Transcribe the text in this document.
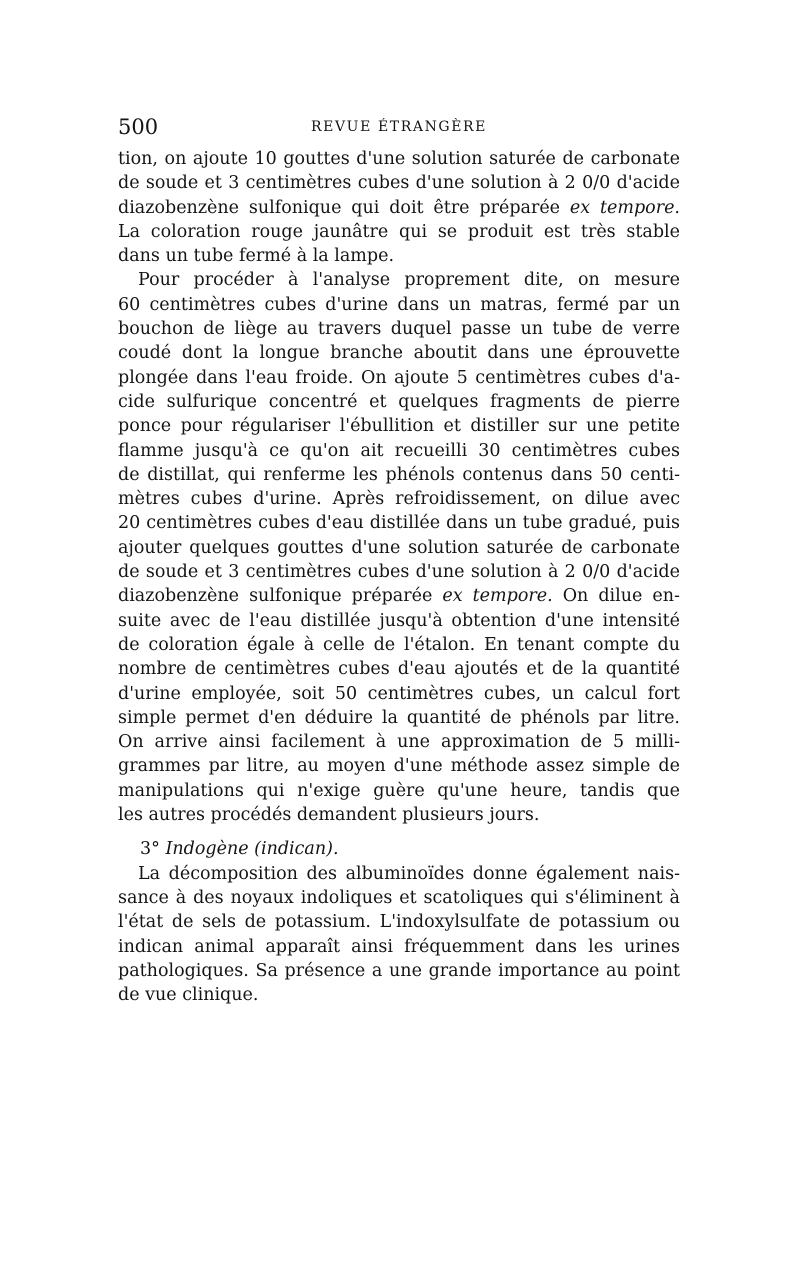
500	REVUE ÉTRANGÈRE
tion, on ajoute 10 gouttes d'une solution saturée de carbonate
de soude et 3 centimètres cubes d'une solution à 2 0/0 d'acide
diazobenzène sulfonique qui doit être préparée ex tempore.
La coloration rouge jaunâtre qui se produit est très stable
dans un tube fermé à la lampe.
Pour procéder à l'analyse proprement dite, on mesure
60 centimètres cubes d'urine dans un matras, fermé par un
bouchon de liège au travers duquel passe un tube de verre
coudé dont la longue branche aboutit dans une éprouvette
plongée dans l'eau froide. On ajoute 5 centimètres cubes d'a-
cide sulfurique concentré et quelques fragments de pierre
ponce pour régulariser l'ébullition et distiller sur une petite
flamme jusqu'à ce qu'on ait recueilli 30 centimètres cubes
de distillat, qui renferme les phénols contenus dans 50 centi-
mètres cubes d'urine. Après refroidissement, on dilue avec
20 centimètres cubes d'eau distillée dans un tube gradué, puis
ajouter quelques gouttes d'une solution saturée de carbonate
de soude et 3 centimètres cubes d'une solution à 2 0/0 d'acide
diazobenzène sulfonique préparée ex tempore. On dilue en-
suite avec de l'eau distillée jusqu'à obtention d'une intensité
de coloration égale à celle de l'étalon. En tenant compte du
nombre de centimètres cubes d'eau ajoutés et de la quantité
d'urine employée, soit 50 centimètres cubes, un calcul fort
simple permet d'en déduire la quantité de phénols par litre.
On arrive ainsi facilement à une approximation de 5 milli-
grammes par litre, au moyen d'une méthode assez simple de
manipulations qui n'exige guère qu'une heure, tandis que
les autres procédés demandent plusieurs jours.
3° Indogène (indican).
La décomposition des albuminoïdes donne également nais-
sance à des noyaux indoliques et scatoliques qui s'éliminent à
l'état de sels de potassium. L'indoxylsulfate de potassium ou
indican animal apparaît ainsi fréquemment dans les urines
pathologiques. Sa présence a une grande importance au point
de vue clinique.
